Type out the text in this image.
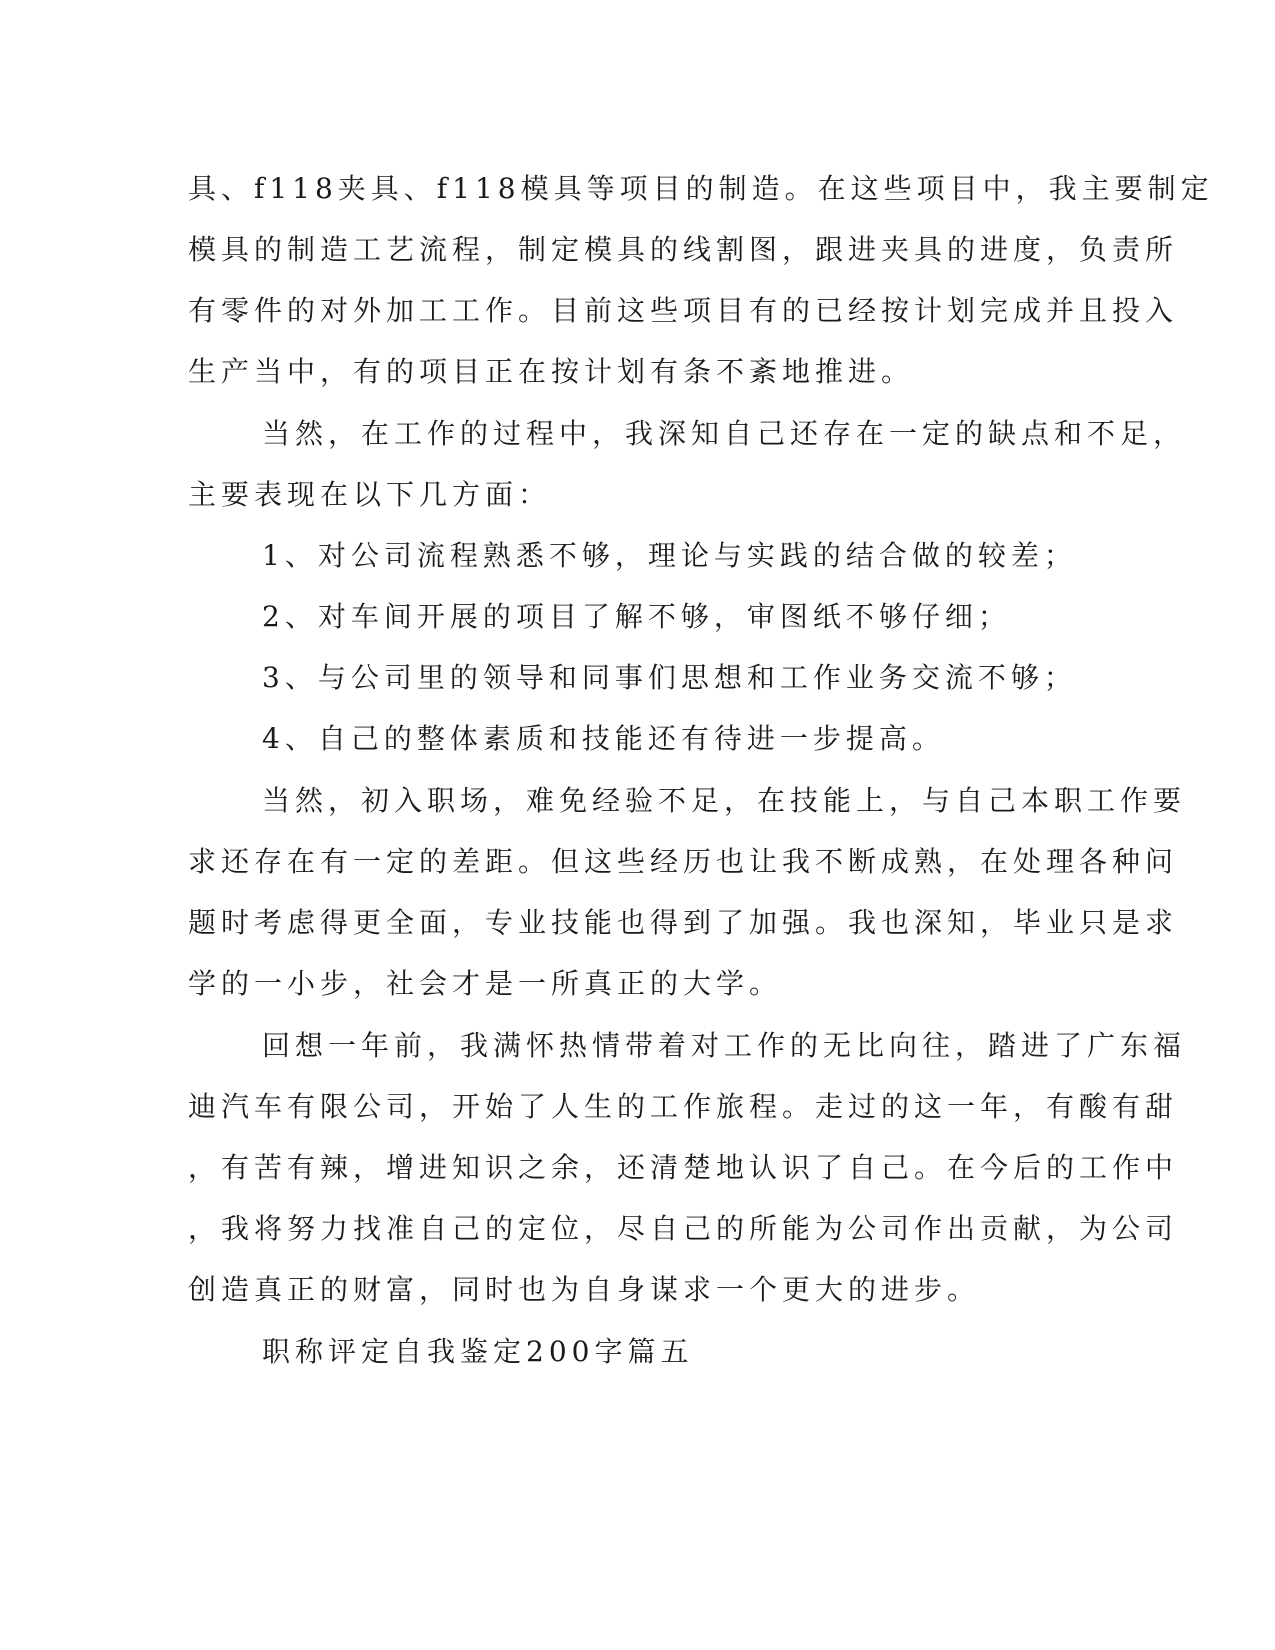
具、f118夹具、f118模具等项目的制造。在这些项目中，我主要制定
模具的制造工艺流程，制定模具的线割图，跟进夹具的进度，负责所
有零件的对外加工工作。目前这些项目有的已经按计划完成并且投入
生产当中，有的项目正在按计划有条不紊地推进。
当然，在工作的过程中，我深知自己还存在一定的缺点和不足，
主要表现在以下几方面：
1、对公司流程熟悉不够，理论与实践的结合做的较差；
2、对车间开展的项目了解不够，审图纸不够仔细；
3、与公司里的领导和同事们思想和工作业务交流不够；
4、自己的整体素质和技能还有待进一步提高。
当然，初入职场，难免经验不足，在技能上，与自己本职工作要
求还存在有一定的差距。但这些经历也让我不断成熟，在处理各种问
题时考虑得更全面，专业技能也得到了加强。我也深知，毕业只是求
学的一小步，社会才是一所真正的大学。
回想一年前，我满怀热情带着对工作的无比向往，踏进了广东福
迪汽车有限公司，开始了人生的工作旅程。走过的这一年，有酸有甜
，有苦有辣，增进知识之余，还清楚地认识了自己。在今后的工作中
，我将努力找准自己的定位，尽自己的所能为公司作出贡献，为公司
创造真正的财富，同时也为自身谋求一个更大的进步。
职称评定自我鉴定200字篇五
